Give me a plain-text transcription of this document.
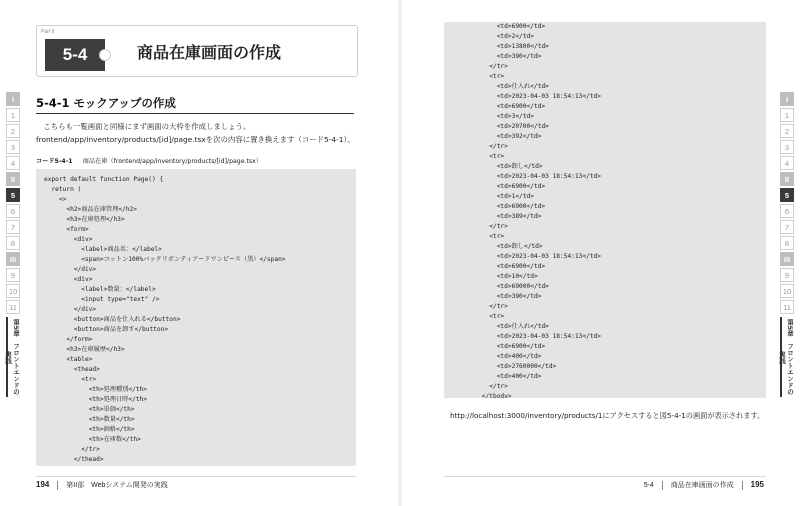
I
1
2
3
4
II
5
6
7
8
III
9
10
11
第5章　フロントエンドの実践
I
1
2
3
4
II
5
6
7
8
III
9
10
11
第5章　フロントエンドの実践
Part II
5-4	商品在庫画面の作成
5-4-1 モックアップの作成
　こちらも一覧画面と同様にまず画面の大枠を作成しましょう。frontend/app/inventory/products/[id]/page.tsxを次の内容に置き換えます（コード5-4-1）。
コード5-4-1 　 商品在庫（frontend/app/inventory/products/[id]/page.tsx）
export default function Page() {
return (
<>
<h2>商品在庫管理</h2>
<h3>在庫処理</h3>
<form>
<div>
<label>商品名：</label>
<span>コットン100%バックリボンティアードワンピース（黒）</span>
</div>
<div>
<label>数量：</label>
<input type="text" />
</div>
<button>商品を仕入れる</button>
<button>商品を卸す</button>
</form>
<h3>在庫履歴</h3>
<table>
<thead>
<tr>
<th>処理種別</th>
<th>処理日時</th>
<th>単価</th>
<th>数量</th>
<th>価格</th>
<th>在庫数</th>
</tr>
</thead>
194 第II部　Webシステム開発の実践
<td>6900</td>
<td>2</td>
<td>13800</td>
<td>390</td>
</tr>
<tr>
<td>仕入れ</td>
<td>2023-04-03 18:54:13</td>
<td>6900</td>
<td>3</td>
<td>20700</td>
<td>392</td>
</tr>
<tr>
<td>卸し</td>
<td>2023-04-03 18:54:13</td>
<td>6900</td>
<td>1</td>
<td>6900</td>
<td>389</td>
</tr>
<tr>
<td>卸し</td>
<td>2023-04-03 18:54:13</td>
<td>6900</td>
<td>10</td>
<td>69000</td>
<td>390</td>
</tr>
<tr>
<td>仕入れ</td>
<td>2023-04-03 18:54:13</td>
<td>6900</td>
<td>400</td>
<td>2760000</td>
<td>400</td>
</tr>
</tbody>
http://localhost:3000/inventory/products/1にアクセスすると図5-4-1の画面が表示されます。
5-4 商品在庫画面の作成 195
